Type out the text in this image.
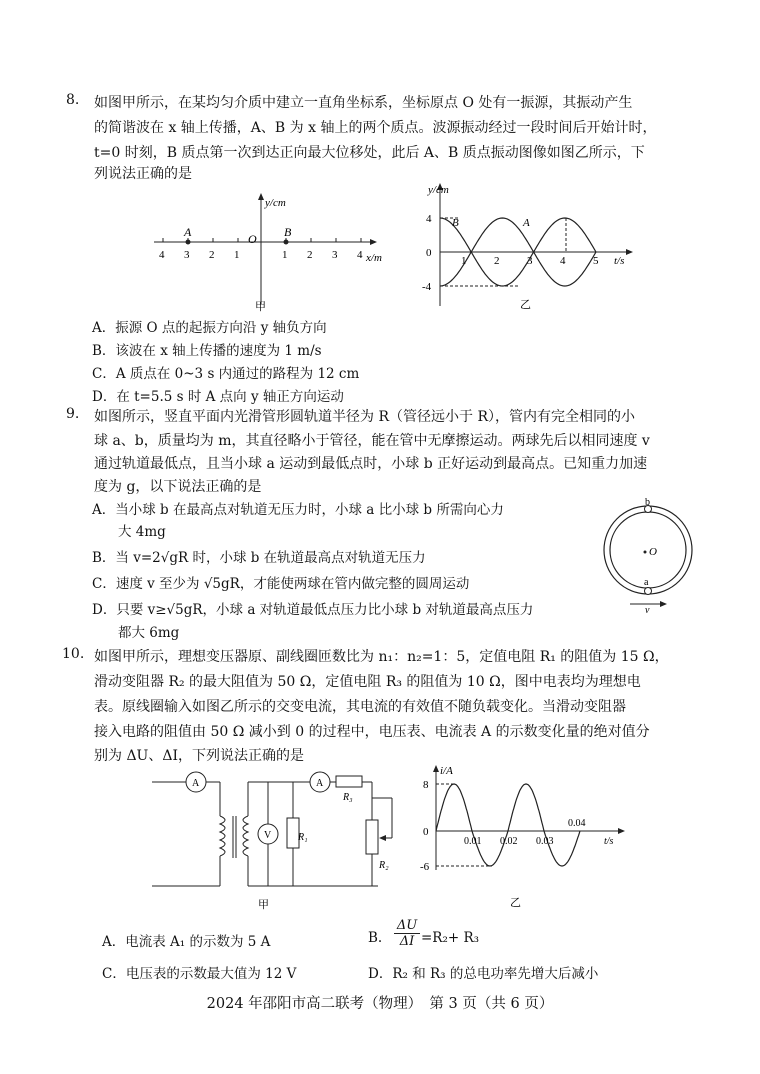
8. 如图甲所示，在某均匀介质中建立一直角坐标系，坐标原点 O 处有一振源，其振动产生
的简谐波在 x 轴上传播，A、B 为 x 轴上的两个质点。波源振动经过一段时间后开始计时，
t=0 时刻，B 质点第一次到达正向最大位移处，此后 A、B 质点振动图像如图乙所示，下
列说法正确的是
A	B
O
y/cm
x/m
4 3 2 1	1 2 3 4
甲
y/cm
4
0
-4
B	A
1	2	3	4	5 t/s
乙
A．振源 O 点的起振方向沿 y 轴负方向
B．该波在 x 轴上传播的速度为 1 m/s
C．A 质点在 0~3 s 内通过的路程为 12 cm
D．在 t=5.5 s 时 A 点向 y 轴正方向运动
9. 如图所示，竖直平面内光滑管形圆轨道半径为 R（管径远小于 R），管内有完全相同的小
球 a、b，质量均为 m，其直径略小于管径，能在管中无摩擦运动。两球先后以相同速度 v
通过轨道最低点，且当小球 a 运动到最低点时，小球 b 正好运动到最高点。已知重力加速
度为 g，以下说法正确的是
A．当小球 b 在最高点对轨道无压力时，小球 a 比小球 b 所需向心力
大 4mg
B．当 v=2√gR 时，小球 b 在轨道最高点对轨道无压力
C．速度 v 至少为 √5gR，才能使两球在管内做完整的圆周运动
D．只要 v≥√5gR，小球 a 对轨道最低点压力比小球 b 对轨道最高点压力
都大 6mg
b
O
a
v
10. 如图甲所示，理想变压器原、副线圈匝数比为 n₁：n₂=1：5，定值电阻 R₁ 的阻值为 15 Ω，
滑动变阻器 R₂ 的最大阻值为 50 Ω，定值电阻 R₃ 的阻值为 10 Ω，图中电表均为理想电
表。原线圈输入如图乙所示的交变电流，其电流的有效值不随负载变化。当滑动变阻器
接入电路的阻值由 50 Ω 减小到 0 的过程中，电压表、电流表 A 的示数变化量的绝对值分
别为 ΔU、ΔI，下列说法正确的是
A	A
V	R₁
R₃
R₂
甲
i/A
8
0
-6
0.01 0.02 0.03
0.04
t/s
乙
A．电流表 A₁ 的示数为 5 A	B.
ΔU
ΔI =R₂+ R₃
C．电压表的示数最大值为 12 V	D．R₂ 和 R₃ 的总电功率先增大后减小
2024 年邵阳市高二联考（物理）　第 3 页（共 6 页）
